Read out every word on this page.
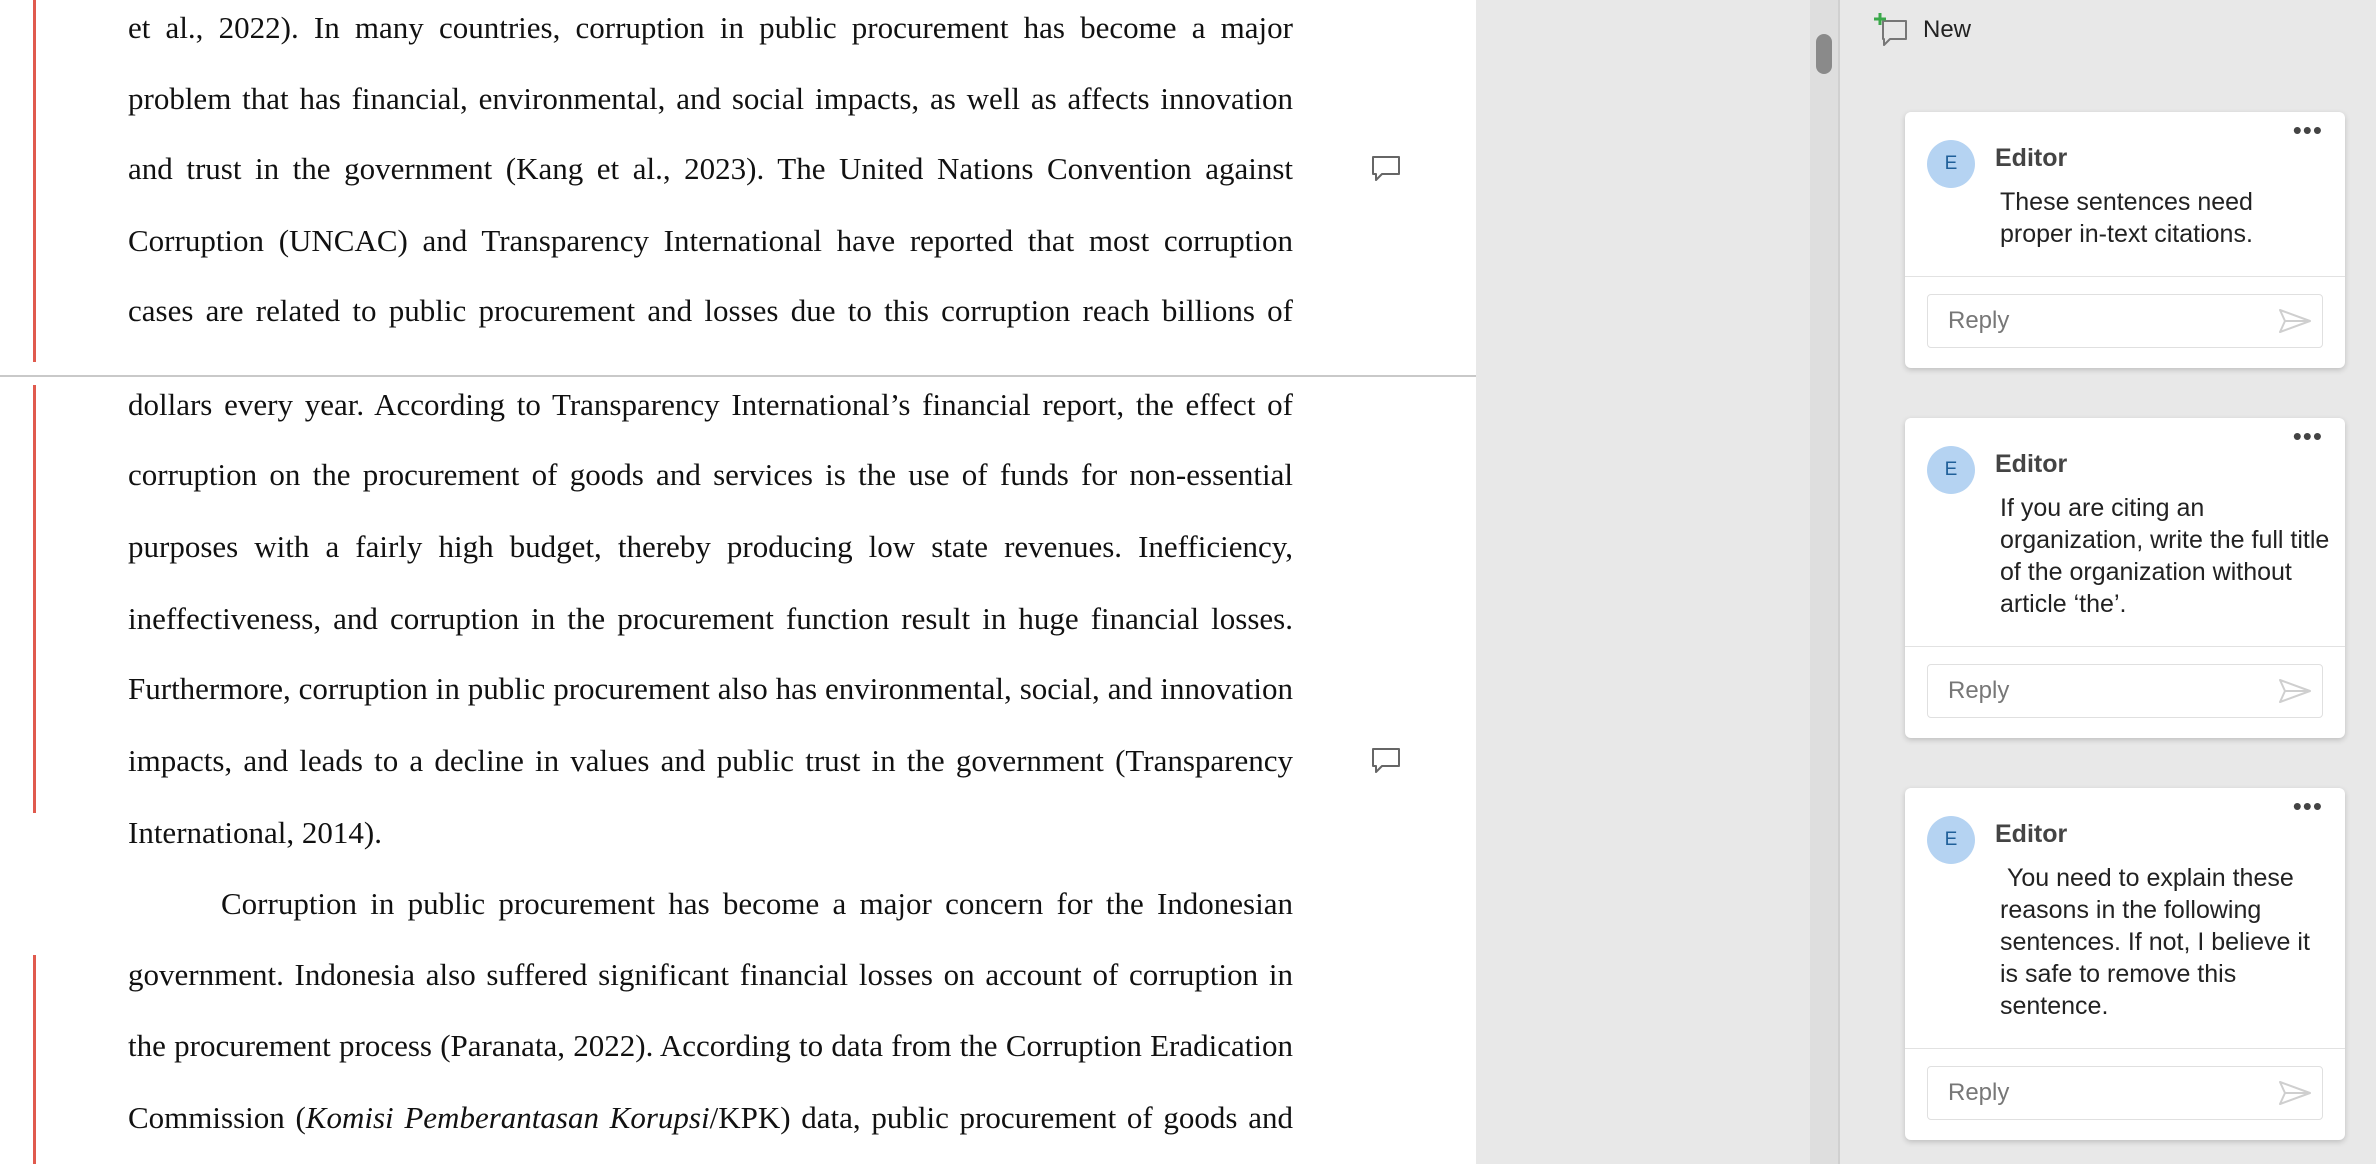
et al., 2022). In many countries, corruption in public procurement has become a major
problem that has financial, environmental, and social impacts, as well as affects innovation
and trust in the government (Kang et al., 2023). The United Nations Convention against
Corruption (UNCAC) and Transparency International have reported that most corruption
cases are related to public procurement and losses due to this corruption reach billions of
dollars every year. According to Transparency International’s financial report, the effect of
corruption on the procurement of goods and services is the use of funds for non-essential
purposes with a fairly high budget, thereby producing low state revenues. Inefficiency,
ineffectiveness, and corruption in the procurement function result in huge financial losses.
Furthermore, corruption in public procurement also has environmental, social, and innovation
impacts, and leads to a decline in values and public trust in the government (Transparency
International, 2014).
Corruption in public procurement has become a major concern for the Indonesian
government. Indonesia also suffered significant financial losses on account of corruption in
the procurement process (Paranata, 2022). According to data from the Corruption Eradication
Commission (Komisi Pemberantasan Korupsi/KPK) data, public procurement of goods and
New
•••
E	Editor
These sentences need proper in-text citations.
Reply
•••
E	Editor
If you are citing an organization, write the full title of the organization without article ‘the’.
Reply
•••
E	Editor
You need to explain these reasons in the following sentences. If not, I believe it is safe to remove this sentence.
Reply
